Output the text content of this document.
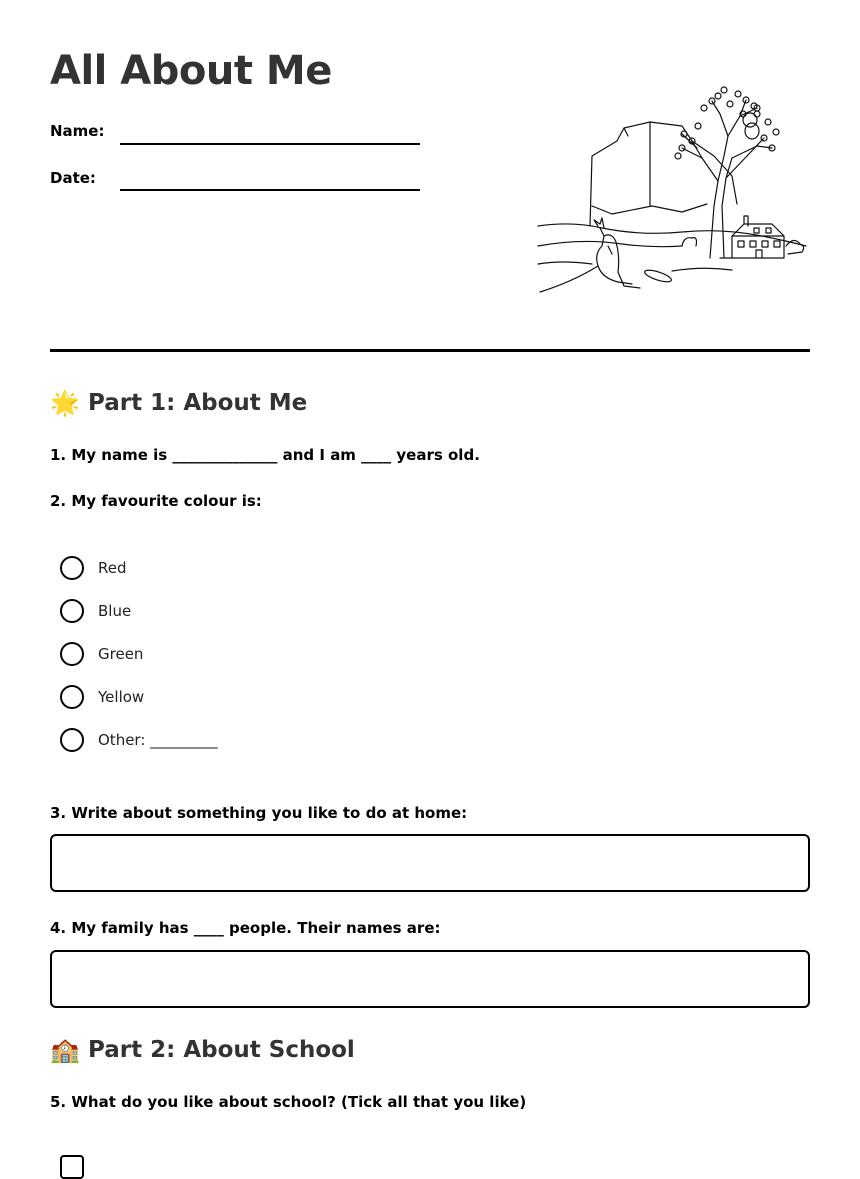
All About Me
Name:
Date:
🌟 Part 1: About Me

1. My name is ______________ and I am ____ years old.

2. My favourite colour is:

Red
Blue
Green
Yellow
Other: _________

3. Write about something you like to do at home:

4. My family has ____ people. Their names are:

🏫 Part 2: About School

5. What do you like about school? (Tick all that you like)
